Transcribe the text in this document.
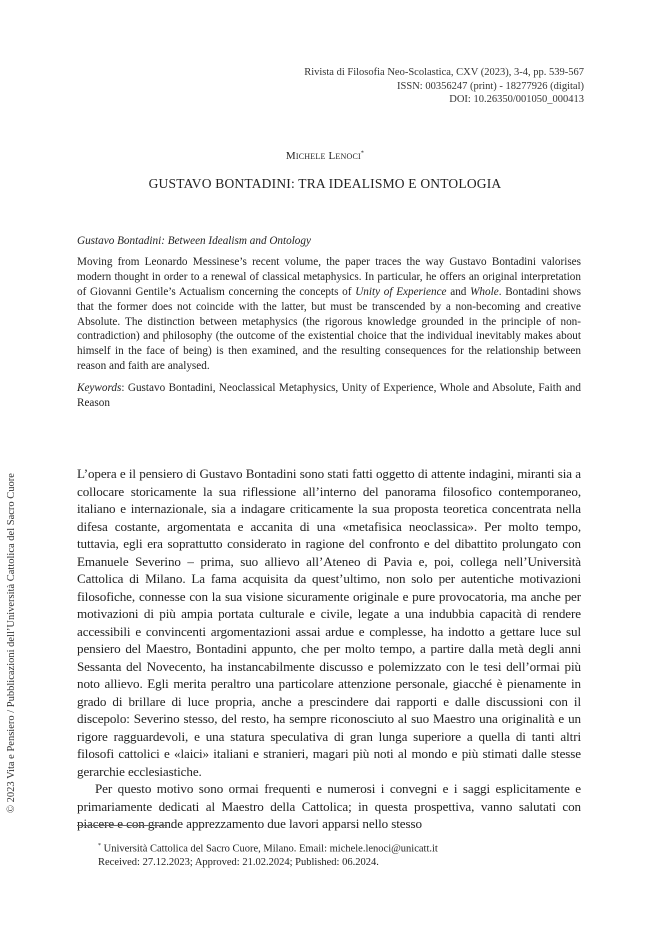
© 2023 Vita e Pensiero / Pubblicazioni dell’Università Cattolica del Sacro Cuore
Rivista di Filosofia Neo-Scolastica, CXV (2023), 3-4, pp. 539-567
ISSN: 00356247 (print) - 18277926 (digital)
DOI: 10.26350/001050_000413
Michele Lenoci*
GUSTAVO BONTADINI: TRA IDEALISMO E ONTOLOGIA

Gustavo Bontadini: Between Idealism and Ontology

Moving from Leonardo Messinese’s recent volume, the paper traces the way Gustavo Bontadini valorises modern thought in order to a renewal of classical metaphysics. In particular, he offers an original interpretation of Giovanni Gentile’s Actualism concerning the concepts of Unity of Experience and Whole. Bontadini shows that the former does not coincide with the latter, but must be transcended by a non-becoming and creative Absolute. The distinction between metaphysics (the rigorous knowledge grounded in the principle of non-contradiction) and philosophy (the outcome of the existential choice that the individual inevitably makes about himself in the face of being) is then examined, and the resulting consequences for the relationship between reason and faith are analysed.

Keywords: Gustavo Bontadini, Neoclassical Metaphysics, Unity of Experience, Whole and Absolute, Faith and Reason

L’opera e il pensiero di Gustavo Bontadini sono stati fatti oggetto di attente indagini, miranti sia a collocare storicamente la sua riflessione all’interno del panorama filosofico contemporaneo, italiano e internazionale, sia a indagare criticamente la sua proposta teoretica concentrata nella difesa costante, argomentata e accanita di una «metafisica neoclassica». Per molto tempo, tuttavia, egli era soprattutto considerato in ragione del confronto e del dibattito prolungato con Emanuele Severino – prima, suo allievo all’Ateneo di Pavia e, poi, collega nell’Università Cattolica di Milano. La fama acquisita da quest’ultimo, non solo per autentiche motivazioni filosofiche, connesse con la sua visione sicuramente originale e pure provocatoria, ma anche per motivazioni di più ampia portata culturale e civile, legate a una indubbia capacità di rendere accessibili e convincenti argomentazioni assai ardue e complesse, ha indotto a gettare luce sul pensiero del Maestro, Bontadini appunto, che per molto tempo, a partire dalla metà degli anni Sessanta del Novecento, ha instancabilmente discusso e polemizzato con le tesi dell’ormai più noto allievo. Egli merita peraltro una particolare attenzione personale, giacché è pienamente in grado di brillare di luce propria, anche a prescindere dai rapporti e dalle discussioni con il discepolo: Severino stesso, del resto, ha sempre riconosciuto al suo Maestro una originalità e un rigore ragguardevoli, e una statura speculativa di gran lunga superiore a quella di tanti altri filosofi cattolici e «laici» italiani e stranieri, magari più noti al mondo e più stimati dalle stesse gerarchie ecclesiastiche.

Per questo motivo sono ormai frequenti e numerosi i convegni e i saggi esplicitamente e primariamente dedicati al Maestro della Cattolica; in questa prospettiva, vanno salutati con piacere e con grande apprezzamento due lavori apparsi nello stesso

* Università Cattolica del Sacro Cuore, Milano. Email: michele.lenoci@unicatt.it
Received: 27.12.2023; Approved: 21.02.2024; Published: 06.2024.
